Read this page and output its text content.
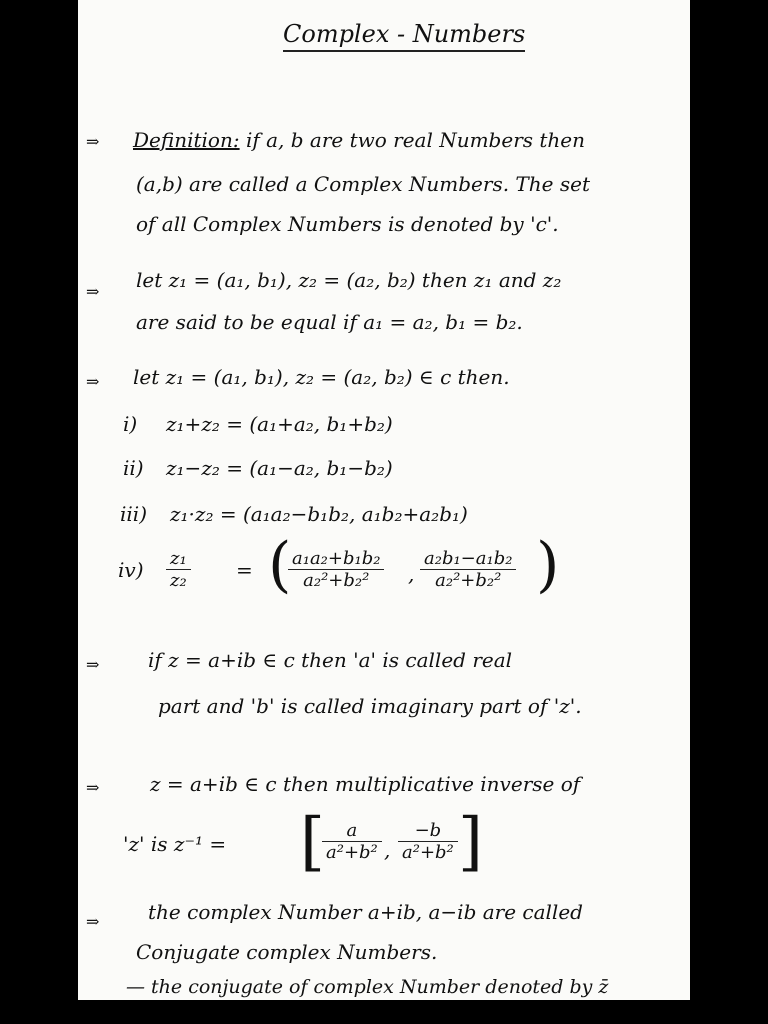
Complex - Numbers
⇒ Definition: if a, b are two real Numbers then
(a,b) are called a Complex Numbers. The set
of all Complex Numbers is denoted by 'c'.
⇒ let z₁ = (a₁, b₁), z₂ = (a₂, b₂) then z₁ and z₂
are said to be equal if a₁ = a₂, b₁ = b₂.
⇒ let z₁ = (a₁, b₁), z₂ = (a₂, b₂) ∈ c then.
i) z₁+z₂ = (a₁+a₂, b₁+b₂)
ii) z₁−z₂ = (a₁−a₂, b₁−b₂)
iii) z₁·z₂ = (a₁a₂−b₁b₂, a₁b₂+a₂b₁)
$iv) \frac{\text{z₁}}{\text{z₂}}$ = (
$\frac{\text{a₁a₂+b₁b₂}}{\text{a₂²+b₂²}}$ , $\frac{\text{a₂b₁−a₁b₂}}{\text{a₂²+b₂²}}$ )
⇒ if z = a+ib ∈ c then 'a' is called real
part and 'b' is called imaginary part of 'z'.
⇒	z = a+ib ∈ c then multiplicative inverse of
'z' is z⁻¹ = [
$\frac{a}{\text{a²+b²}}$ , $\frac{-b}{\text{a²+b²}}$ ]
⇒ the complex Number a+ib, a−ib are called
Conjugate complex Numbers.
— the conjugate of complex Number denoted by z̄
